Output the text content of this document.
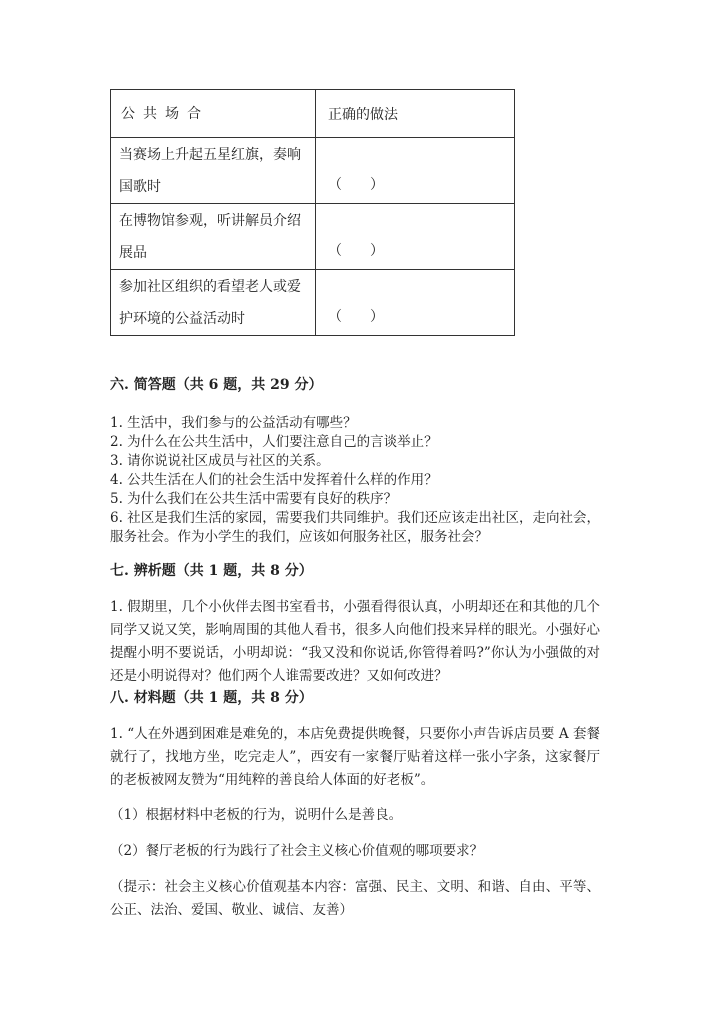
公共场合	正确的做法
当赛场上升起五星红旗，奏响国歌时	（　　）
在博物馆参观，听讲解员介绍展品	（　　）
参加社区组织的看望老人或爱护环境的公益活动时	（　　）

六. 简答题（共 6 题，共 29 分）

1. 生活中，我们参与的公益活动有哪些？

2. 为什么在公共生活中，人们要注意自己的言谈举止？

3. 请你说说社区成员与社区的关系。

4. 公共生活在人们的社会生活中发挥着什么样的作用？

5. 为什么我们在公共生活中需要有良好的秩序？

6. 社区是我们生活的家园，需要我们共同维护。我们还应该走出社区，走向社会，服务社会。作为小学生的我们，应该如何服务社区，服务社会？

七. 辨析题（共 1 题，共 8 分）

1. 假期里，几个小伙伴去图书室看书，小强看得很认真，小明却还在和其他的几个同学又说又笑，影响周围的其他人看书，很多人向他们投来异样的眼光。小强好心提醒小明不要说话，小明却说：“我又没和你说话,你管得着吗?”你认为小强做的对还是小明说得对？他们两个人谁需要改进？又如何改进？

八. 材料题（共 1 题，共 8 分）

1. “人在外遇到困难是难免的，本店免费提供晚餐，只要你小声告诉店员要 A 套餐就行了，找地方坐，吃完走人”，西安有一家餐厅贴着这样一张小字条，这家餐厅的老板被网友赞为“用纯粹的善良给人体面的好老板”。

（1）根据材料中老板的行为，说明什么是善良。

（2）餐厅老板的行为践行了社会主义核心价值观的哪项要求？

（提示：社会主义核心价值观基本内容：富强、民主、文明、和谐、自由、平等、公正、法治、爱国、敬业、诚信、友善）
